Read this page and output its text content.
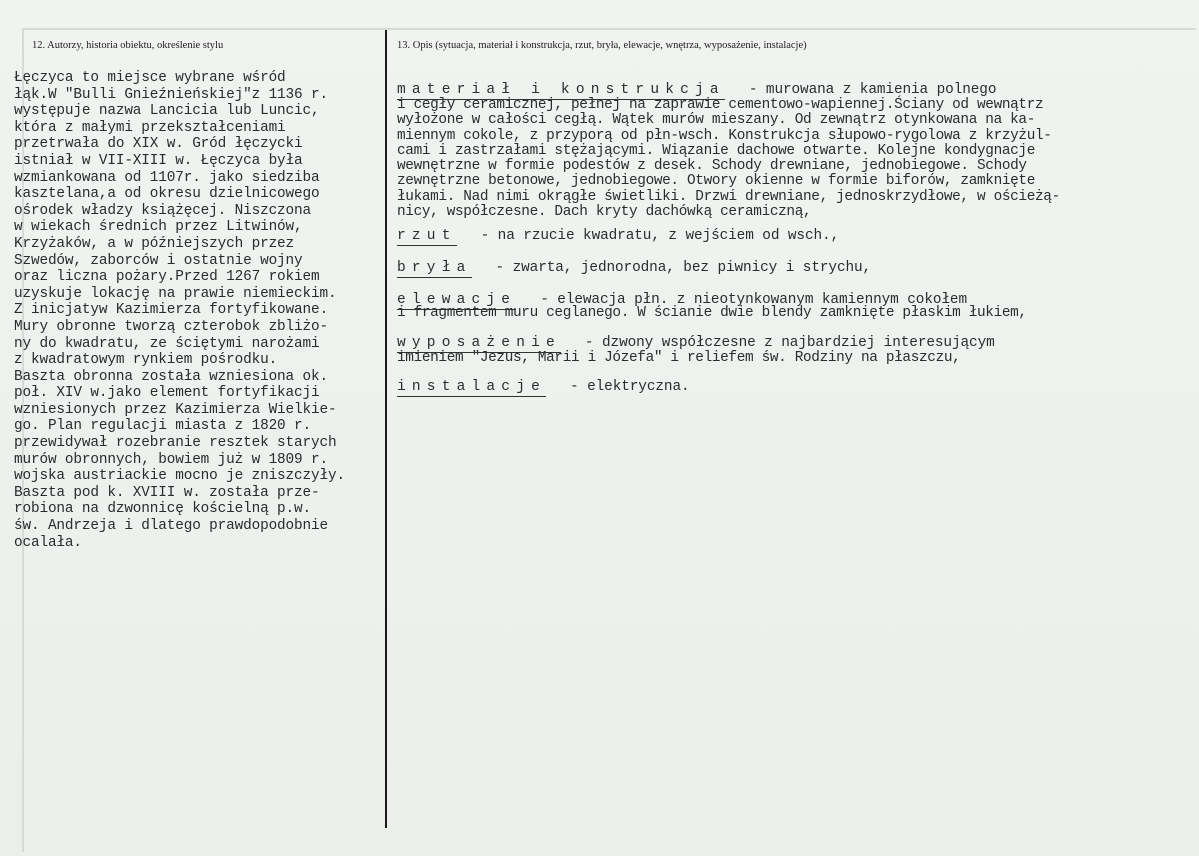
12. Autorzy, historia obiektu, określenie stylu	13. Opis (sytuacja, materiał i konstrukcja, rzut, bryła, elewacje, wnętrza, wyposażenie, instalacje)
Łęczyca to miejsce wybrane wśród
łąk.W "Bulli Gnieźnieńskiej"z 1136 r.
występuje nazwa Lancicia lub Luncic,
która z małymi przekształceniami
przetrwała do XIX w. Gród łęczycki
istniał w VII-XIII w. Łęczyca była
wzmiankowana od 1107r. jako siedziba
kasztelana,a od okresu dzielnicowego
ośrodek władzy książęcej. Niszczona
w wiekach średnich przez Litwinów,
Krzyżaków, a w późniejszych przez
Szwedów, zaborców i ostatnie wojny
oraz liczna pożary.Przed 1267 rokiem
uzyskuje lokację na prawie niemieckim.
Z inicjatyw Kazimierza fortyfikowane.
Mury obronne tworzą czterobok zbliżo-
ny do kwadratu, ze ściętymi narożami
z kwadratowym rynkiem pośrodku.
Baszta obronna została wzniesiona ok.
poł. XIV w.jako element fortyfikacji
wzniesionych przez Kazimierza Wielkie-
go. Plan regulacji miasta z 1820 r.
przewidywał rozebranie resztek starych
murów obronnych, bowiem już w 1809 r.
wojska austriackie mocno je zniszczyły.
Baszta pod k. XVIII w. została prze-
robiona na dzwonnicę kościelną p.w.
św. Andrzeja i dlatego prawdopodobnie
ocalała.
materiał i konstrukcja - murowana z kamienia polnego
i cegły ceramicznej, pełnej na zaprawie cementowo-wapiennej.Ściany od wewnątrz
wyłożone w całości cegłą. Wątek murów mieszany. Od zewnątrz otynkowana na ka-
miennym cokole, z przyporą od płn-wsch. Konstrukcja słupowo-rygolowa z krzyżul-
cami i zastrzałami stężającymi. Wiązanie dachowe otwarte. Kolejne kondygnacje
wewnętrzne w formie podestów z desek. Schody drewniane, jednobiegowe. Schody
zewnętrzne betonowe, jednobiegowe. Otwory okienne w formie biforów, zamknięte
łukami. Nad nimi okrągłe świetliki. Drzwi drewniane, jednoskrzydłowe, w ościeżą-
nicy, współczesne. Dach kryty dachówką ceramiczną,
rzut - na rzucie kwadratu, z wejściem od wsch.,
bryła - zwarta, jednorodna, bez piwnicy i strychu,
elewacje - elewacja płn. z nieotynkowanym kamiennym cokołem
i fragmentem muru ceglanego. W ścianie dwie blendy zamknięte płaskim łukiem,
wyposażenie - dzwony współczesne z najbardziej interesującym
imieniem "Jezus, Marii i Józefa" i reliefem św. Rodziny na płaszczu,
instalacje - elektryczna.
